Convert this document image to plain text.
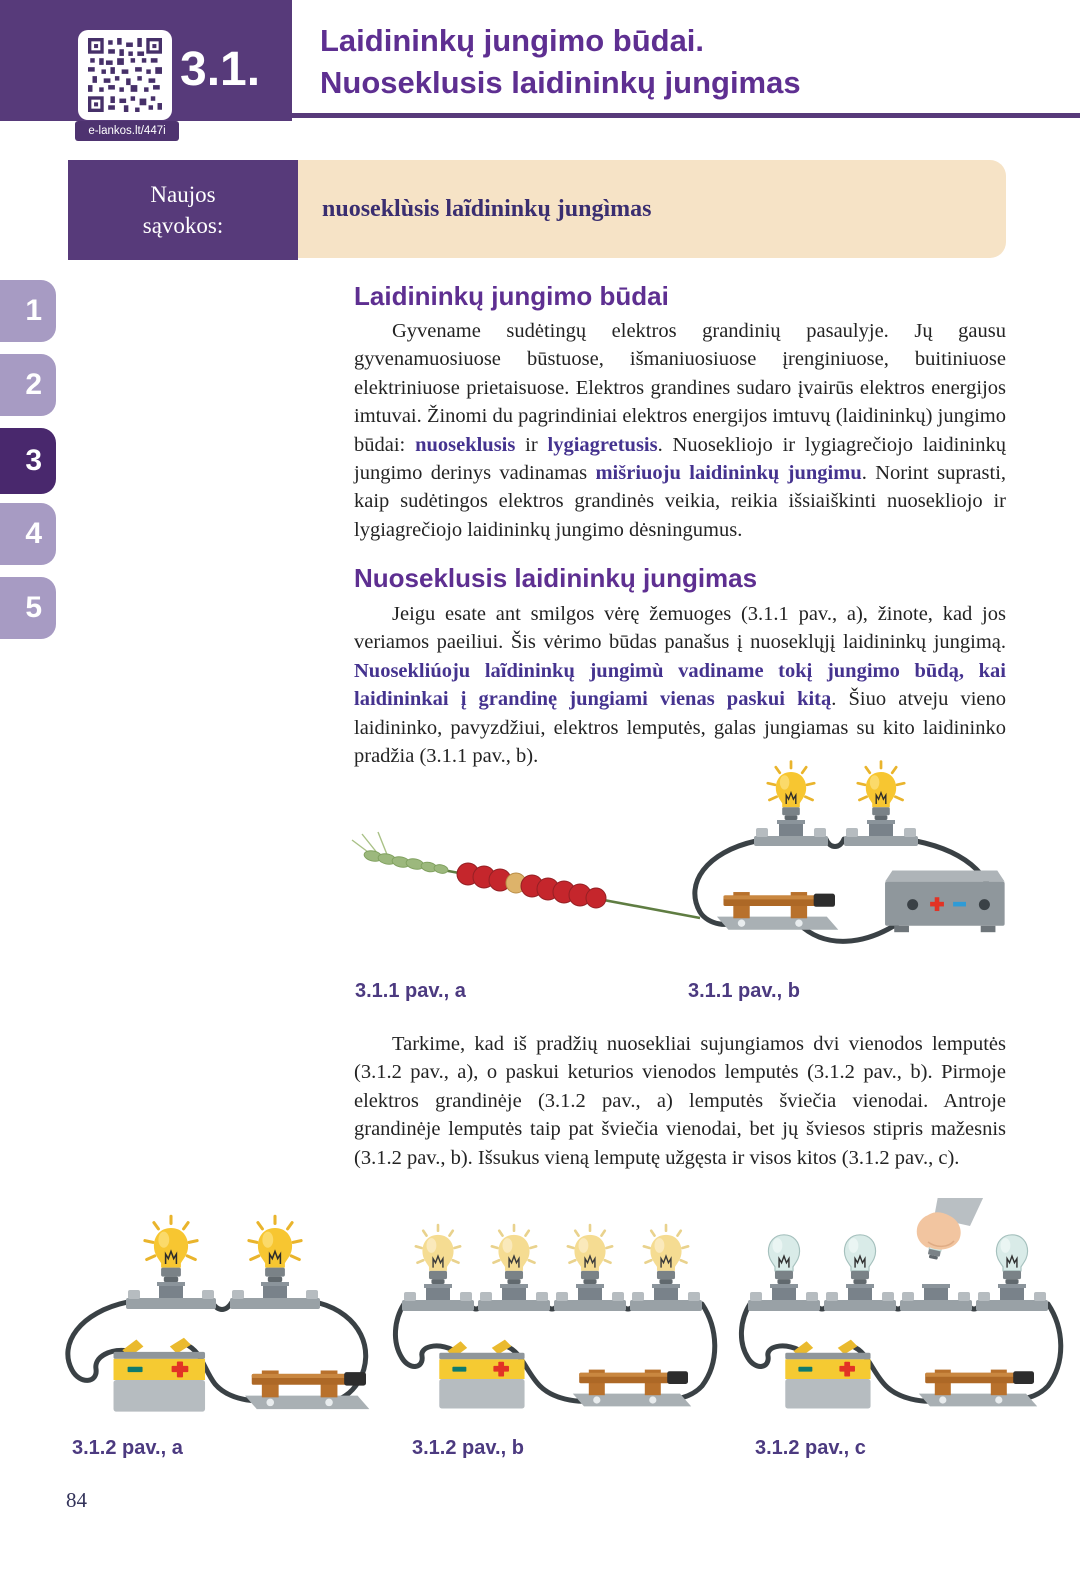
e-lankos.lt/447i
3.1.
Laidininkų jungimo būdai.
Nuoseklusis laidininkų jungimas
Naujos
sąvokos:
nuoseklùsis laĩdininkų jungìmas
1
2
3
4
5
Laidininkų jungimo būdai
Gyvename sudėtingų elektros grandinių pasaulyje. Jų gausu gyvenamuosiuose būstuose, išmaniuosiuose įrenginiuose, buitiniuose elektriniuose prietaisuose. Elektros grandines sudaro įvairūs elektros energijos imtuvai. Žinomi du pagrindiniai elektros energijos imtuvų (laidininkų) jungimo būdai: nuoseklusis ir lygiagretusis. Nuosekliojo ir lygiagrečiojo laidininkų jungimo derinys vadinamas mišriuoju laidininkų jungimu. Norint suprasti, kaip sudėtingos elektros grandinės veikia, reikia išsiaiškinti nuosekliojo ir lygiagrečiojo laidininkų jungimo dėsningumus.
Nuoseklusis laidininkų jungimas
Jeigu esate ant smilgos vėrę žemuoges (3.1.1 pav., a), žinote, kad jos veriamos paeiliui. Šis vėrimo būdas panašus į nuoseklųjį laidininkų jungimą. Nuosekliúoju laĩdininkų jungimù vadiname tokį jungimo būdą, kai laidininkai į grandinę jungiami vienas paskui kitą. Šiuo atveju vieno laidininko, pavyzdžiui, elektros lemputės, galas jungiamas su kito laidininko pradžia (3.1.1 pav., b).
3.1.1 pav., a	3.1.1 pav., b
Tarkime, kad iš pradžių nuosekliai sujungiamos dvi vienodos lemputės (3.1.2 pav., a), o paskui keturios vienodos lemputės (3.1.2 pav., b). Pirmoje elektros grandinėje (3.1.2 pav., a) lemputės šviečia vienodai. Antroje grandinėje lemputės taip pat šviečia vienodai, bet jų šviesos stipris mažesnis (3.1.2 pav., b). Išsukus vieną lemputę užgęsta ir visos kitos (3.1.2 pav., c).
3.1.2 pav., a	3.1.2 pav., b	3.1.2 pav., c
84
